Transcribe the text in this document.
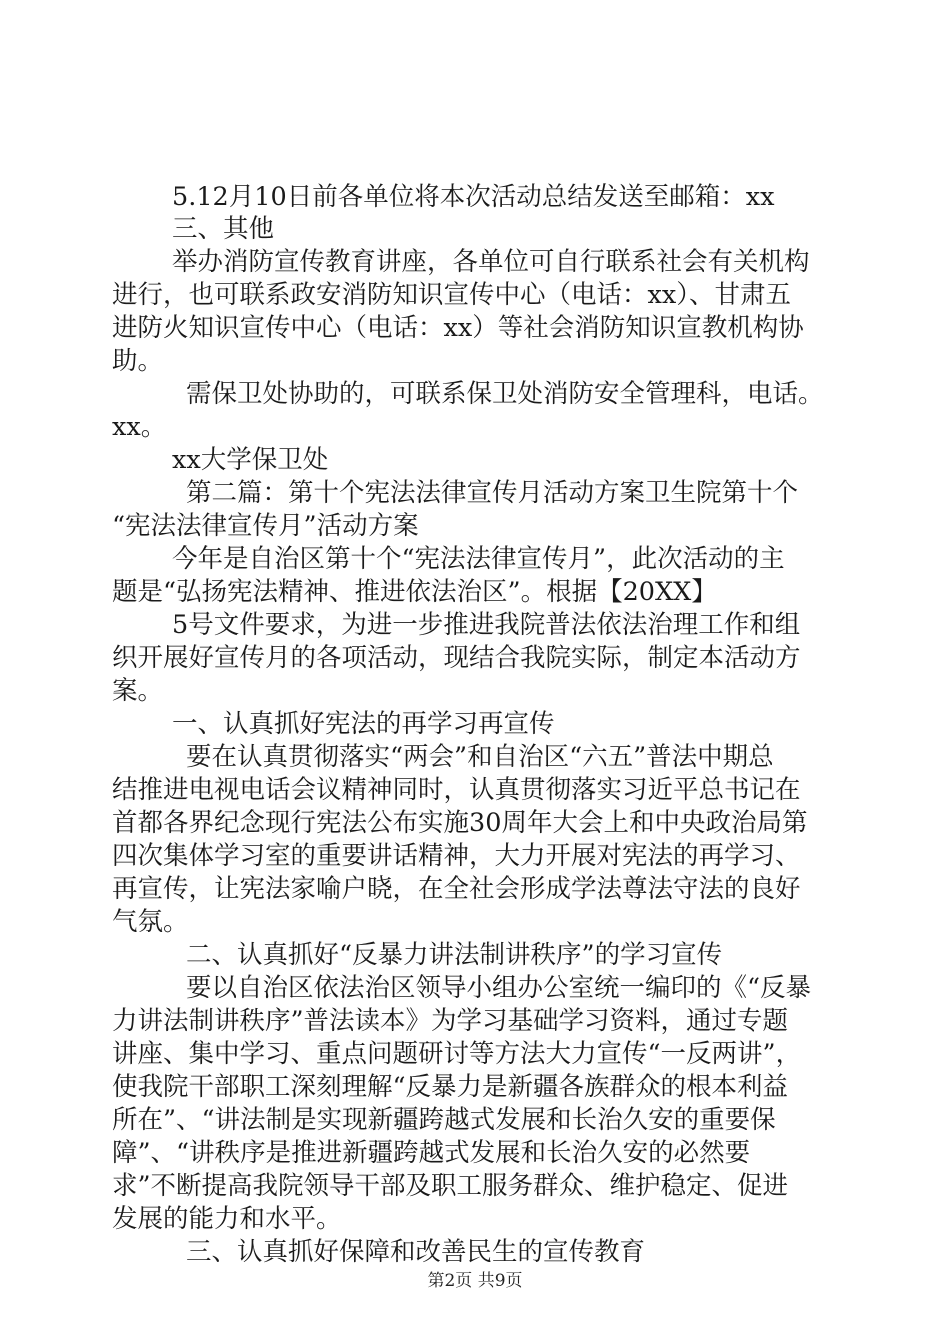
5.12月10日前各单位将本次活动总结发送至邮箱：xx
三、其他
举办消防宣传教育讲座，各单位可自行联系社会有关机构
进行，也可联系政安消防知识宣传中心（电话：xx）、甘肃五
进防火知识宣传中心（电话：xx）等社会消防知识宣教机构协
助。
需保卫处协助的，可联系保卫处消防安全管理科，电话。
xx。
xx大学保卫处
第二篇：第十个宪法法律宣传月活动方案卫生院第十个
“宪法法律宣传月”活动方案
今年是自治区第十个“宪法法律宣传月”，此次活动的主
题是“弘扬宪法精神、推进依法治区”。根据【20XX】
5号文件要求，为进一步推进我院普法依法治理工作和组
织开展好宣传月的各项活动，现结合我院实际，制定本活动方
案。
一、认真抓好宪法的再学习再宣传
要在认真贯彻落实“两会”和自治区“六五”普法中期总
结推进电视电话会议精神同时，认真贯彻落实习近平总书记在
首都各界纪念现行宪法公布实施30周年大会上和中央政治局第
四次集体学习室的重要讲话精神，大力开展对宪法的再学习、
再宣传，让宪法家喻户晓，在全社会形成学法尊法守法的良好
气氛。
二、认真抓好“反暴力讲法制讲秩序”的学习宣传
要以自治区依法治区领导小组办公室统一编印的《“反暴
力讲法制讲秩序”普法读本》为学习基础学习资料，通过专题
讲座、集中学习、重点问题研讨等方法大力宣传“一反两讲”，
使我院干部职工深刻理解“反暴力是新疆各族群众的根本利益
所在”、“讲法制是实现新疆跨越式发展和长治久安的重要保
障”、“讲秩序是推进新疆跨越式发展和长治久安的必然要
求”不断提高我院领导干部及职工服务群众、维护稳定、促进
发展的能力和水平。
三、认真抓好保障和改善民生的宣传教育
第2页 共9页
